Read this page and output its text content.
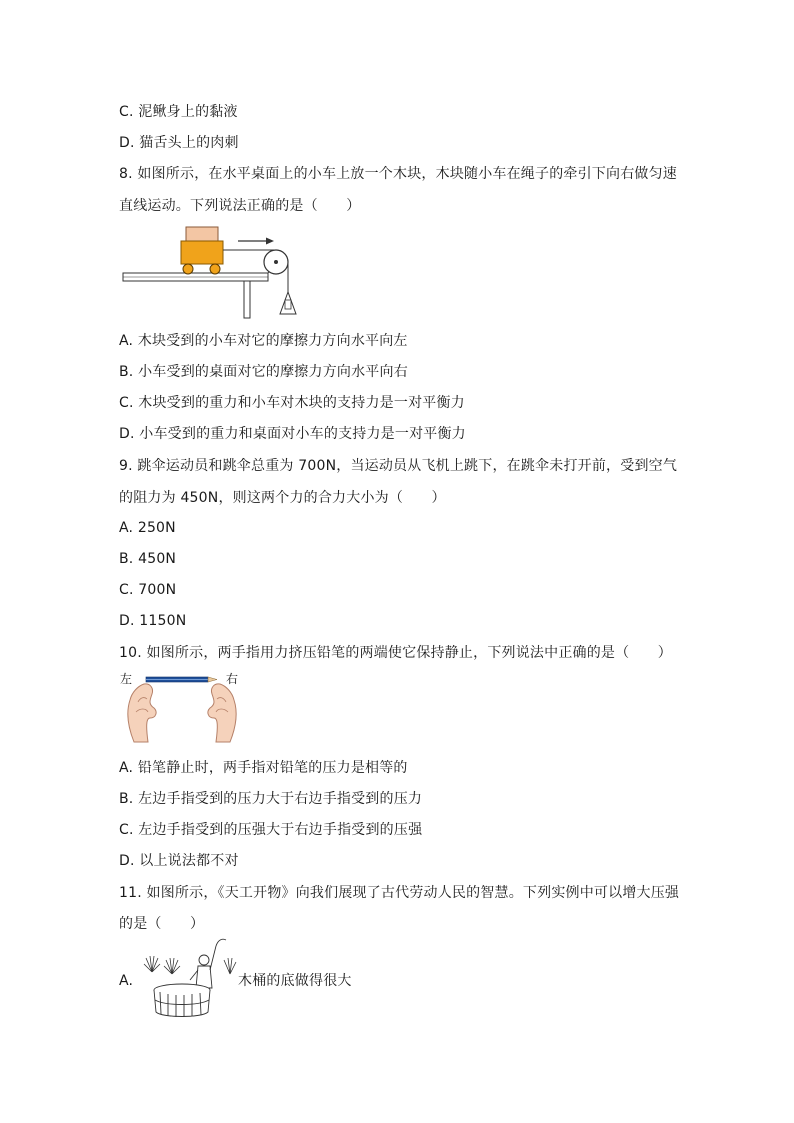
C. 泥鳅身上的黏液
D. 猫舌头上的肉刺
8. 如图所示，在水平桌面上的小车上放一个木块，木块随小车在绳子的牵引下向右做匀速
直线运动。下列说法正确的是（　　）
A. 木块受到的小车对它的摩擦力方向水平向左
B. 小车受到的桌面对它的摩擦力方向水平向右
C. 木块受到的重力和小车对木块的支持力是一对平衡力
D. 小车受到的重力和桌面对小车的支持力是一对平衡力
9. 跳伞运动员和跳伞总重为 700N，当运动员从飞机上跳下，在跳伞未打开前，受到空气
的阻力为 450N，则这两个力的合力大小为（　　）
A. 250N
B. 450N
C. 700N
D. 1150N
10. 如图所示，两手指用力挤压铅笔的两端使它保持静止，下列说法中正确的是（　　）
左	右
A. 铅笔静止时，两手指对铅笔的压力是相等的
B. 左边手指受到的压力大于右边手指受到的压力
C. 左边手指受到的压强大于右边手指受到的压强
D. 以上说法都不对
11. 如图所示，《天工开物》向我们展现了古代劳动人民的智慧。下列实例中可以增大压强
的是（　　）
A.	木桶的底做得很大
